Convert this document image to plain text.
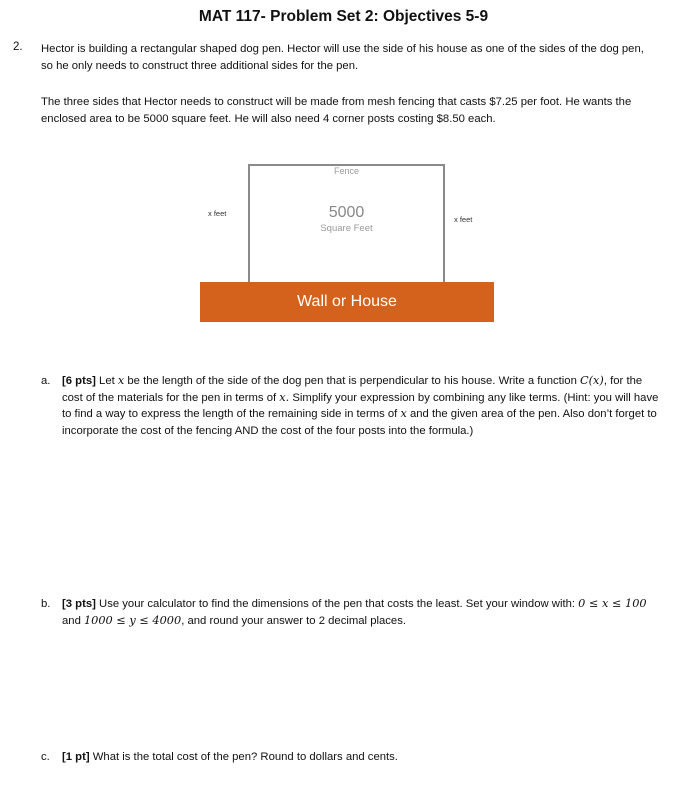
MAT 117- Problem Set 2: Objectives 5-9
2. Hector is building a rectangular shaped dog pen. Hector will use the side of his house as one of the sides of the dog pen, so he only needs to construct three additional sides for the pen.
The three sides that Hector needs to construct will be made from mesh fencing that casts $7.25 per foot. He wants the enclosed area to be 5000 square feet. He will also need 4 corner posts costing $8.50 each.
Fence
5000
Square Feet
x feet
x feet
Wall or House
a. [6 pts] Let x be the length of the side of the dog pen that is perpendicular to his house. Write a function C(x), for the cost of the materials for the pen in terms of x. Simplify your expression by combining any like terms. (Hint: you will have to find a way to express the length of the remaining side in terms of x and the given area of the pen. Also don’t forget to incorporate the cost of the fencing AND the cost of the four posts into the formula.)
b. [3 pts] Use your calculator to find the dimensions of the pen that costs the least. Set your window with: 0 ≤ x ≤ 100 and 1000 ≤ y ≤ 4000, and round your answer to 2 decimal places.
c. [1 pt] What is the total cost of the pen? Round to dollars and cents.
